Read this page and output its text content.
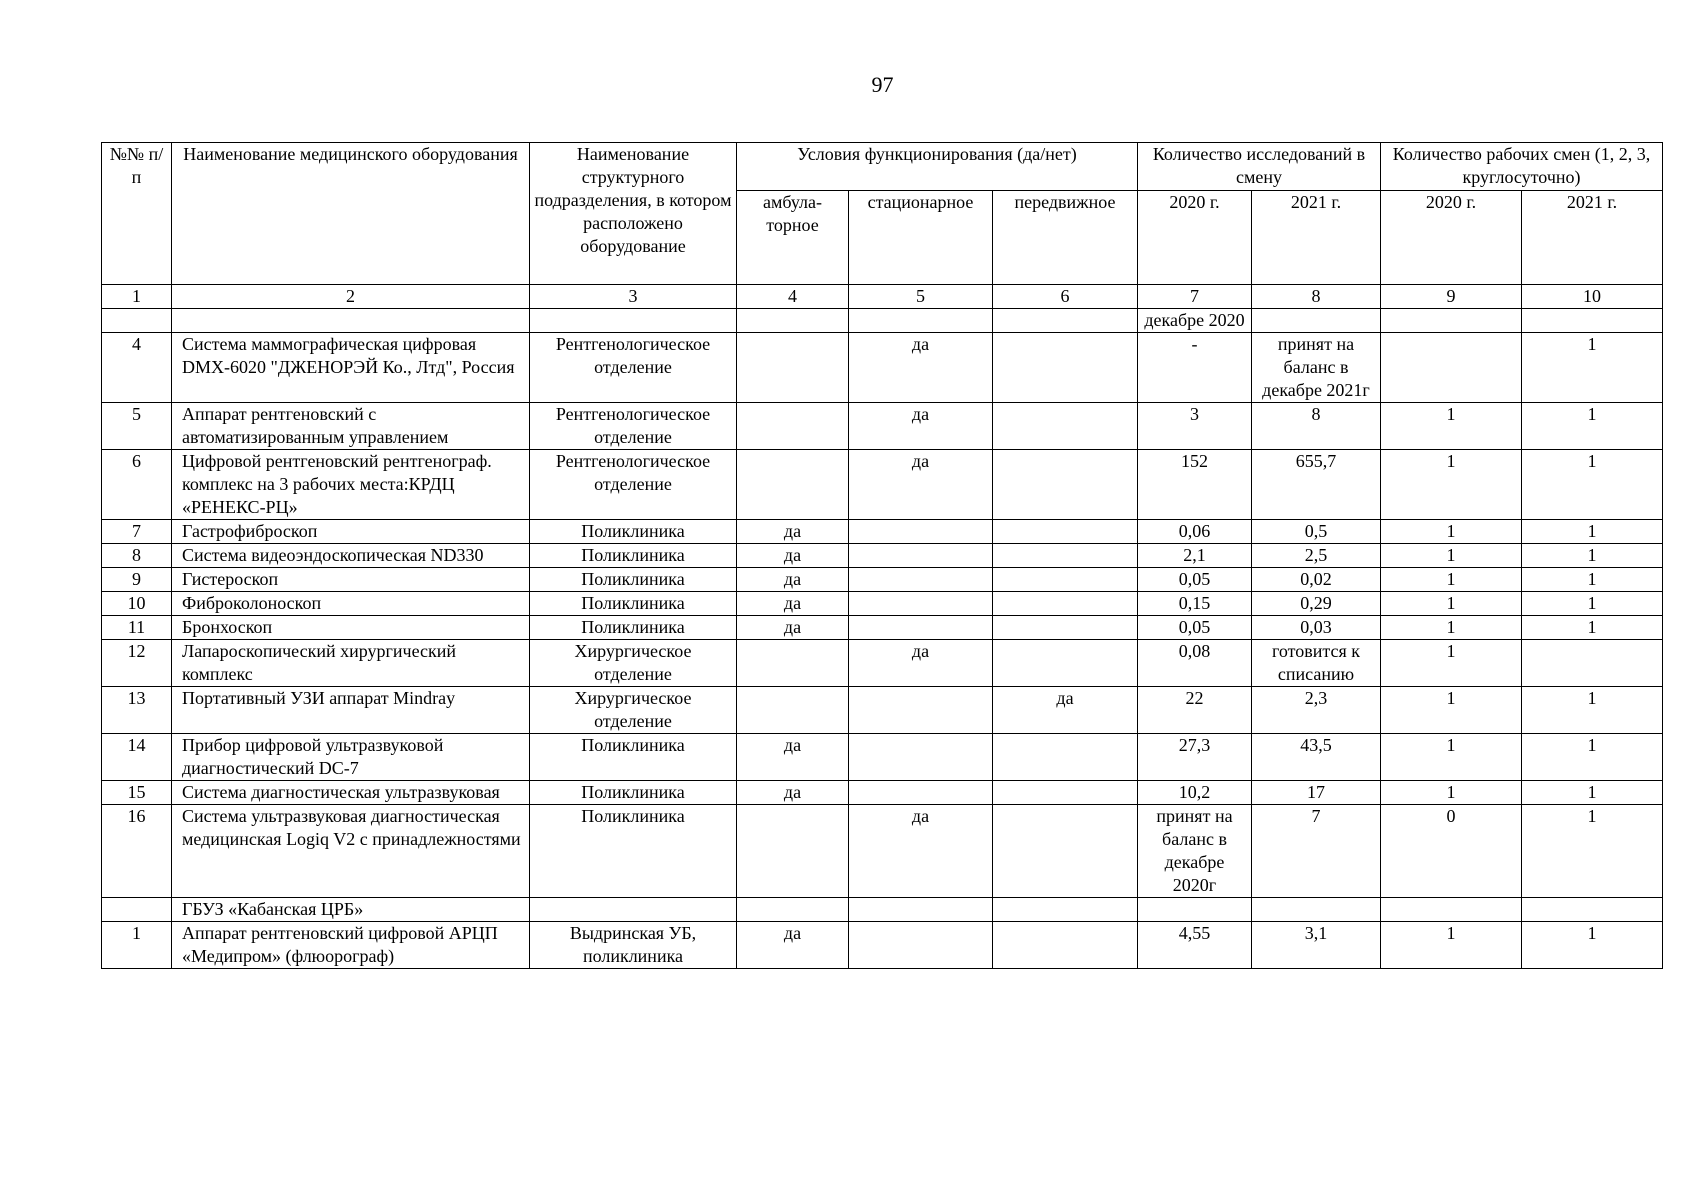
97
№№ п/п	Наименование медицинского оборудования	Наименование структурного подразделения, в котором расположено оборудование	Условия функционирования (да/нет)			Количество исследований в смену		Количество рабочих смен (1, 2, 3, круглосуточно)	
			амбула-торное	стационарное	передвижное	2020 г.	2021 г.	2020 г.	2021 г.
1	2	3	4	5	6	7	8	9	10
						декабре 2020			
4	Система маммографическая цифровая DMX-6020 "ДЖЕНОРЭЙ Ко., Лтд", Россия	Рентгенологическое отделение		да		-	принят на баланс в декабре 2021г		1
5	Аппарат рентгеновский с автоматизированным управлением	Рентгенологическое отделение		да		3	8	1	1
6	Цифровой рентгеновский рентгенограф. комплекс на 3 рабочих места:КРДЦ «РЕНЕКС-РЦ»	Рентгенологическое отделение		да		152	655,7	1	1
7	Гастрофиброскоп	Поликлиника	да			0,06	0,5	1	1
8	Система видеоэндоскопическая ND330	Поликлиника	да			2,1	2,5	1	1
9	Гистероскоп	Поликлиника	да			0,05	0,02	1	1
10	Фиброколоноскоп	Поликлиника	да			0,15	0,29	1	1
11	Бронхоскоп	Поликлиника	да			0,05	0,03	1	1
12	Лапароскопический хирургический комплекс	Хирургическое отделение		да		0,08	готовится к списанию	1	
13	Портативный УЗИ аппарат Mindray	Хирургическое отделение			да	22	2,3	1	1
14	Прибор цифровой ультразвуковой диагностический DC-7	Поликлиника	да			27,3	43,5	1	1
15	Система диагностическая ультразвуковая	Поликлиника	да			10,2	17	1	1
16	Система ультразвуковая диагностическая медицинская Logiq V2 с принадлежностями	Поликлиника		да		принят на баланс в декабре 2020г	7	0	1
	ГБУЗ «Кабанская ЦРБ»								
1	Аппарат рентгеновский цифровой АРЦП «Медипром» (флюорограф)	Выдринская УБ, поликлиника	да			4,55	3,1	1	1
